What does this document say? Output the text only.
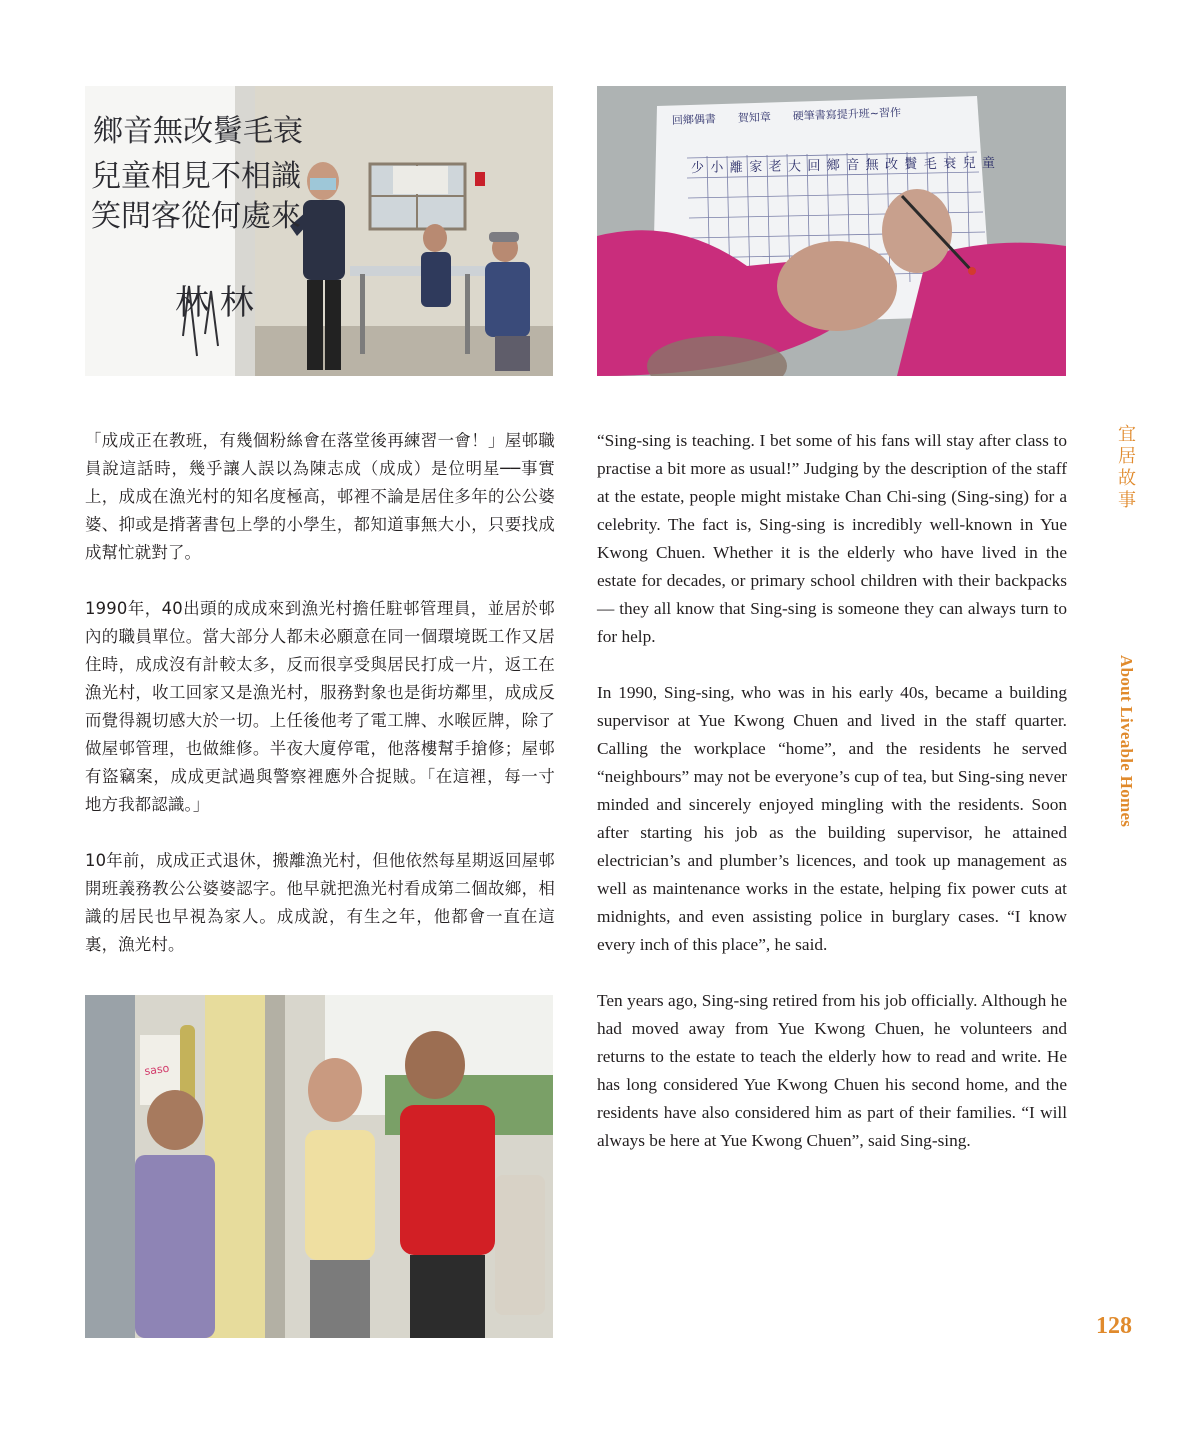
鄉音無改鬢毛衰
兒童相見不相識
笑問客從何處來
林 林
回鄉偶書　　賀知章　　硬筆書寫提升班~習作
少 小 離 家 老 大 回 鄉 音 無 改 鬢 毛 衰 兒 童
saso

「成成正在教班，有幾個粉絲會在落堂後再練習一會！」屋邨職員說這話時，幾乎讓人誤以為陳志成（成成）是位明星──事實上，成成在漁光村的知名度極高，邨裡不論是居住多年的公公婆婆、抑或是揹著書包上學的小學生，都知道事無大小，只要找成成幫忙就對了。

1990年，40出頭的成成來到漁光村擔任駐邨管理員，並居於邨內的職員單位。當大部分人都未必願意在同一個環境既工作又居住時，成成沒有計較太多，反而很享受與居民打成一片，返工在漁光村，收工回家又是漁光村，服務對象也是街坊鄰里，成成反而覺得親切感大於一切。上任後他考了電工牌、水喉匠牌，除了做屋邨管理，也做維修。半夜大廈停電，他落樓幫手搶修；屋邨有盜竊案，成成更試過與警察裡應外合捉賊。「在這裡，每一寸地方我都認識。」

10年前，成成正式退休，搬離漁光村，但他依然每星期返回屋邨開班義務教公公婆婆認字。他早就把漁光村看成第二個故鄉，相識的居民也早視為家人。成成說，有生之年，他都會一直在這裏，漁光村。

“Sing-sing is teaching. I bet some of his fans will stay after class to practise a bit more as usual!” Judging by the description of the staff at the estate, people might mistake Chan Chi-sing (Sing-sing) for a celebrity. The fact is, Sing-sing is incredibly well-known in Yue Kwong Chuen. Whether it is the elderly who have lived in the estate for decades, or primary school children with their backpacks — they all know that Sing-sing is someone they can always turn to for help.

In 1990, Sing-sing, who was in his early 40s, became a building supervisor at Yue Kwong Chuen and lived in the staff quarter. Calling the workplace “home”, and the residents he served “neighbours” may not be everyone’s cup of tea, but Sing-sing never minded and sincerely enjoyed mingling with the residents. Soon after starting his job as the building supervisor, he attained electrician’s and plumber’s licences, and took up management as well as maintenance works in the estate, helping fix power cuts at midnights, and even assisting police in burglary cases. “I know every inch of this place”, he said.

Ten years ago, Sing-sing retired from his job officially. Although he had moved away from Yue Kwong Chuen, he volunteers and returns to the estate to teach the elderly how to read and write. He has long considered Yue Kwong Chuen his second home, and the residents have also considered him as part of their families. “I will always be here at Yue Kwong Chuen”, said Sing-sing.

宜居故事
About Liveable Homes
128
